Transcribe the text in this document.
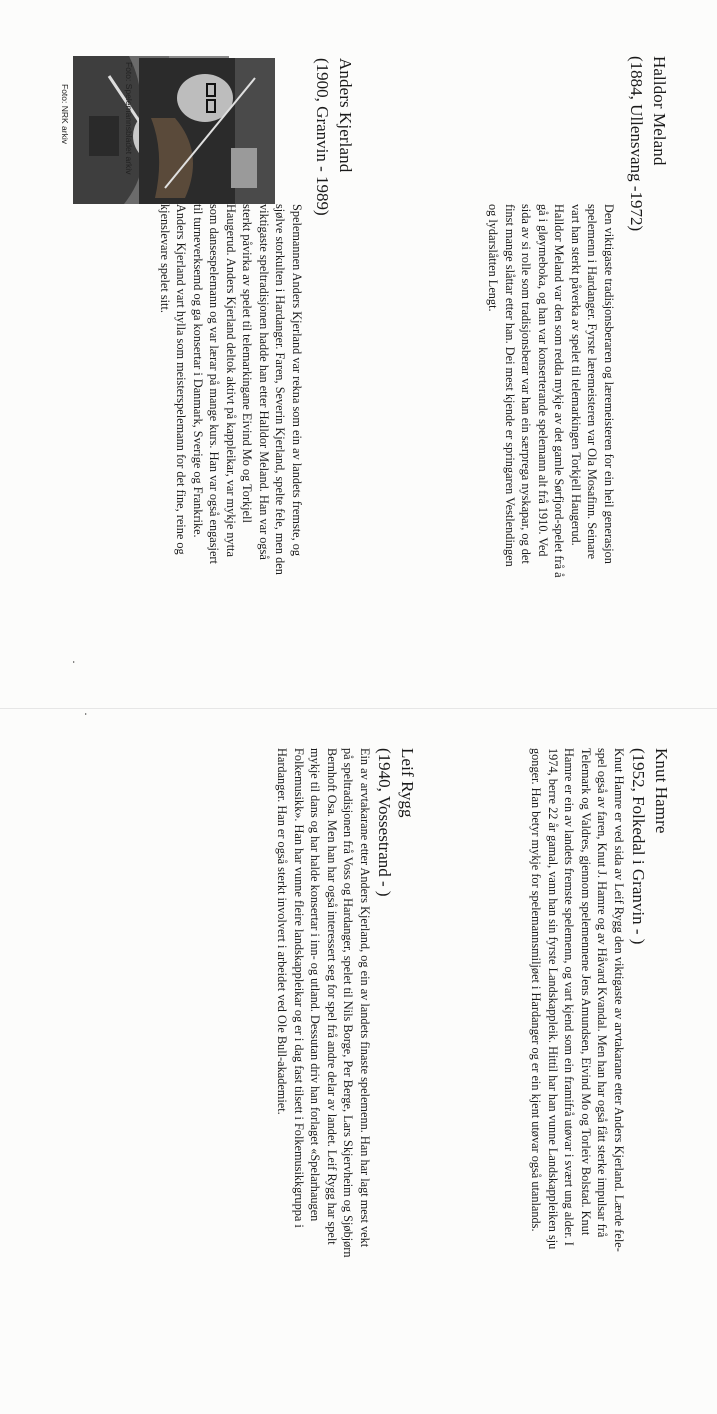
Foto: NRK arkiv	Halldor Meland
(1884, Ullensvang -1972)
Den viktigaste tradisjonsberaren og læremeisteren for ein heil generasjon
spelemenn i Hardanger. Fyrste læremeisteren var Ola Mosafinn. Seinare
vart han sterkt påverka av spelet til telemarkingen Torkjell Haugerud.
Halldor Meland var den som redda mykje av det gamle Sørfjord-spelet frå å
gå i gløymeboka, og han var konserterande spelemann alt frå 1910. Ved
sida av si rolle som tradisjonsberar var han ein særprega nyskapar, og det
finst mange slåttar etter han. Dei mest kjende er springaren Vestlendingen
og lydarslåtten Lengt.
Knut Hamre
(1952, Folkedal i Granvin - )
Knut Hamre er ved sida av Leif Rygg den viktigaste av arvtakarane etter Anders Kjerland. Lærde fele-
spel også av faren, Knut J. Hamre og av Håvard Kvandal. Men han har også fått sterke impulsar frå
Telemark og Valdres, gjennom spelemennene Jens Amundsen, Eivind Mo og Torleiv Bolstad. Knut
Hamre er ein av landets fremste spelemenn, og vart kjend som ein framifrå utøvar i svært ung alder. I
1974, berre 22 år gamal, vann han sin fyrste Landskappleik. Hittil har han vunne Landskappleiken sju
gonger. Han betyr mykje for spelemannsmiljøet i Hardanger og er ein kjent utøvar også utanlands.
Leif Rygg
(1940, Vossestrand - )
Ein av arvtakarane etter Anders Kjerland, og ein av landets finaste spelemenn. Han har lagt mest vekt
på speltradisjonen frå Voss og Hardanger, spelet til Nils Borge, Per Berge, Lars Skjervheim og Sjøbjørn
Bernhoft Osa. Men han har også interessert seg for spel frå andre delar av landet. Leif Rygg har spelt
mykje til dans og har halde konsertar i inn- og utland. Dessutan driv han forlaget «Spelarhaugen
Folkemusikk». Han har vunne fleire landskappleikar og er i dag fast tilsett i Folkemusikkgruppa i
Hardanger. Han er også sterkt involvert i arbeidet ved Ole Bull-akademiet.
·
·
Foto: Spelemannsbladet arkiv
Spelemannen Anders Kjerland var rekna som ein av landets fremste, og
sjølve storkulten i Hardanger. Faren, Severin Kjerland, spelte fele, men den
viktigaste speltradisjonen hadde han etter Halldor Meland. Han var også
sterkt påvirka av spelet til telemarkingane Eivind Mo og Torkjell
Haugerud. Anders Kjerland deltok aktivt på kappleikar, var mykje nytta
som dansespelemann og var lærar på mange kurs. Han var også engasjert
til turneverksemd og ga konsertar i Danmark, Sverige og Frankrike.
Anders Kjerland vart hylla som meisterspelemann for det fine, reine og
kjenslevare spelet sitt.
Anders Kjerland
(1900, Granvin - 1989)
